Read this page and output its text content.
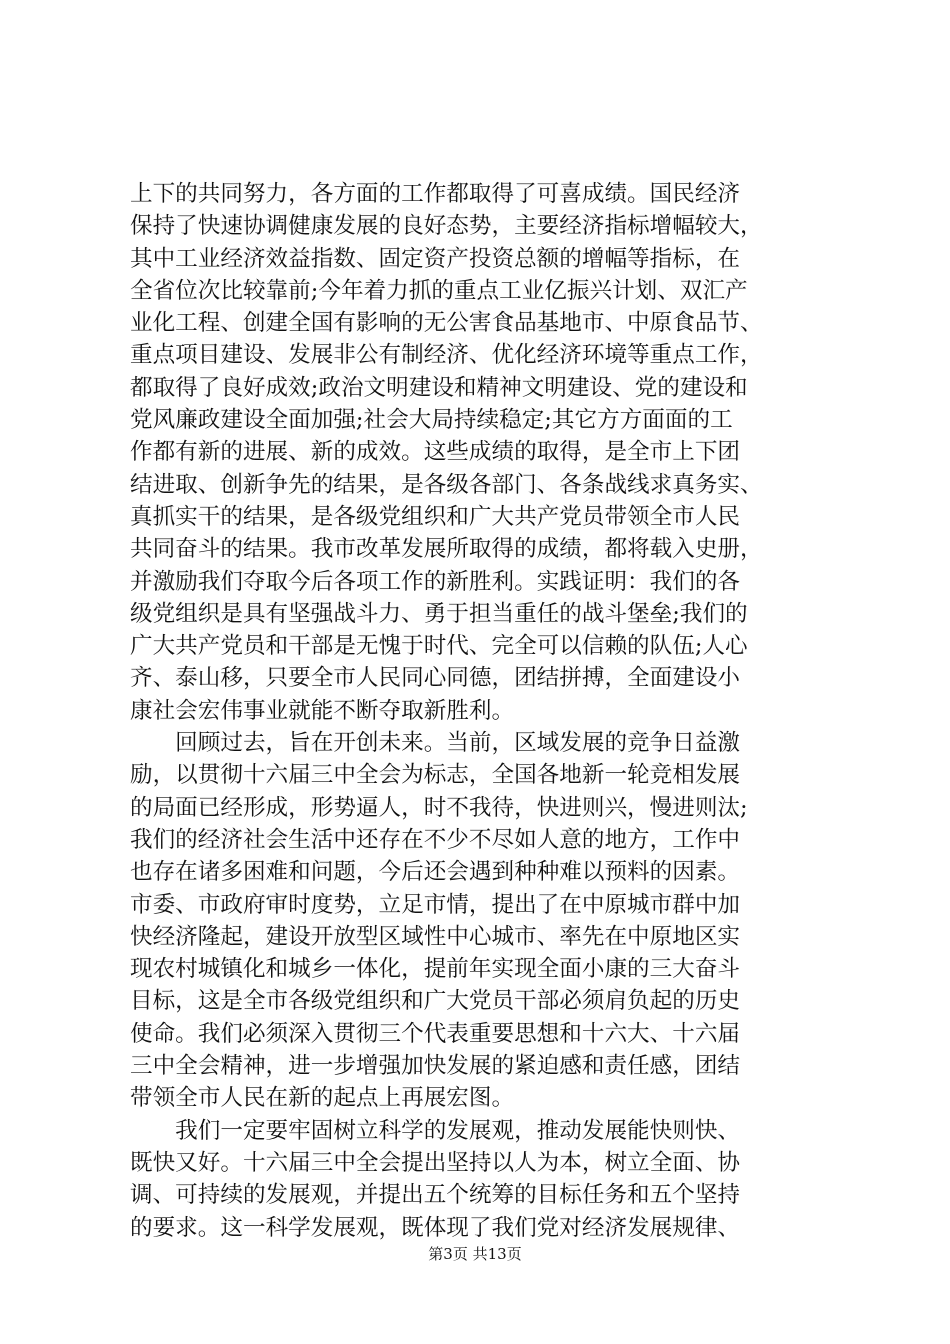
上下的共同努力，各方面的工作都取得了可喜成绩。国民经济
保持了快速协调健康发展的良好态势，主要经济指标增幅较大，
其中工业经济效益指数、固定资产投资总额的增幅等指标，在
全省位次比较靠前;今年着力抓的重点工业亿振兴计划、双汇产
业化工程、创建全国有影响的无公害食品基地市、中原食品节、
重点项目建设、发展非公有制经济、优化经济环境等重点工作，
都取得了良好成效;政治文明建设和精神文明建设、党的建设和
党风廉政建设全面加强;社会大局持续稳定;其它方方面面的工
作都有新的进展、新的成效。这些成绩的取得，是全市上下团
结进取、创新争先的结果，是各级各部门、各条战线求真务实、
真抓实干的结果，是各级党组织和广大共产党员带领全市人民
共同奋斗的结果。我市改革发展所取得的成绩，都将载入史册，
并激励我们夺取今后各项工作的新胜利。实践证明：我们的各
级党组织是具有坚强战斗力、勇于担当重任的战斗堡垒;我们的
广大共产党员和干部是无愧于时代、完全可以信赖的队伍;人心
齐、泰山移，只要全市人民同心同德，团结拼搏，全面建设小
康社会宏伟事业就能不断夺取新胜利。
　　回顾过去，旨在开创未来。当前，区域发展的竞争日益激
励，以贯彻十六届三中全会为标志，全国各地新一轮竞相发展
的局面已经形成，形势逼人，时不我待，快进则兴，慢进则汰;
我们的经济社会生活中还存在不少不尽如人意的地方，工作中
也存在诸多困难和问题，今后还会遇到种种难以预料的因素。
市委、市政府审时度势，立足市情，提出了在中原城市群中加
快经济隆起，建设开放型区域性中心城市、率先在中原地区实
现农村城镇化和城乡一体化，提前年实现全面小康的三大奋斗
目标，这是全市各级党组织和广大党员干部必须肩负起的历史
使命。我们必须深入贯彻三个代表重要思想和十六大、十六届
三中全会精神，进一步增强加快发展的紧迫感和责任感，团结
带领全市人民在新的起点上再展宏图。
　　我们一定要牢固树立科学的发展观，推动发展能快则快、
既快又好。十六届三中全会提出坚持以人为本，树立全面、协
调、可持续的发展观，并提出五个统筹的目标任务和五个坚持
的要求。这一科学发展观，既体现了我们党对经济发展规律、
第3页 共13页
